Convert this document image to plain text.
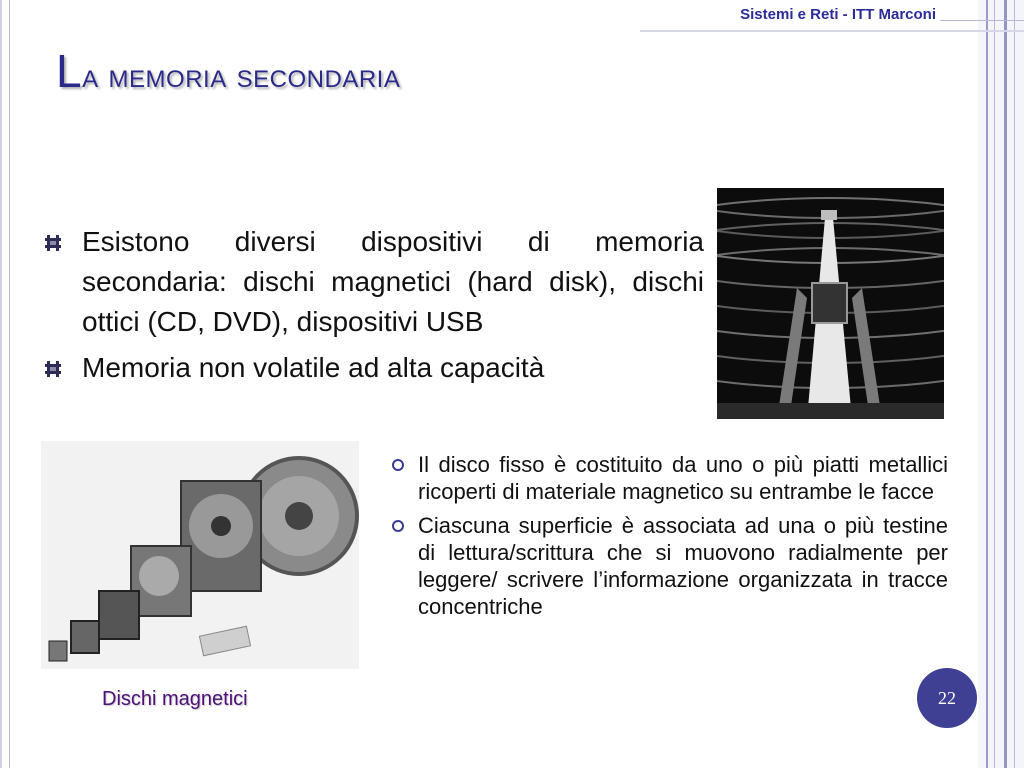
Sistemi e Reti - ITT Marconi
La memoria secondaria
Esistono diversi dispositivi di memoria secondaria: dischi magnetici (hard disk), dischi ottici (CD, DVD), dispositivi USB
Memoria non volatile ad alta capacità
Il disco fisso è costituito da uno o più piatti metallici ricoperti di materiale magnetico su entrambe le facce
Ciascuna superficie è associata ad una o più testine di lettura/scrittura che si muovono radialmente per leggere/ scrivere l’informazione organizzata in tracce concentriche
Dischi magnetici	22
